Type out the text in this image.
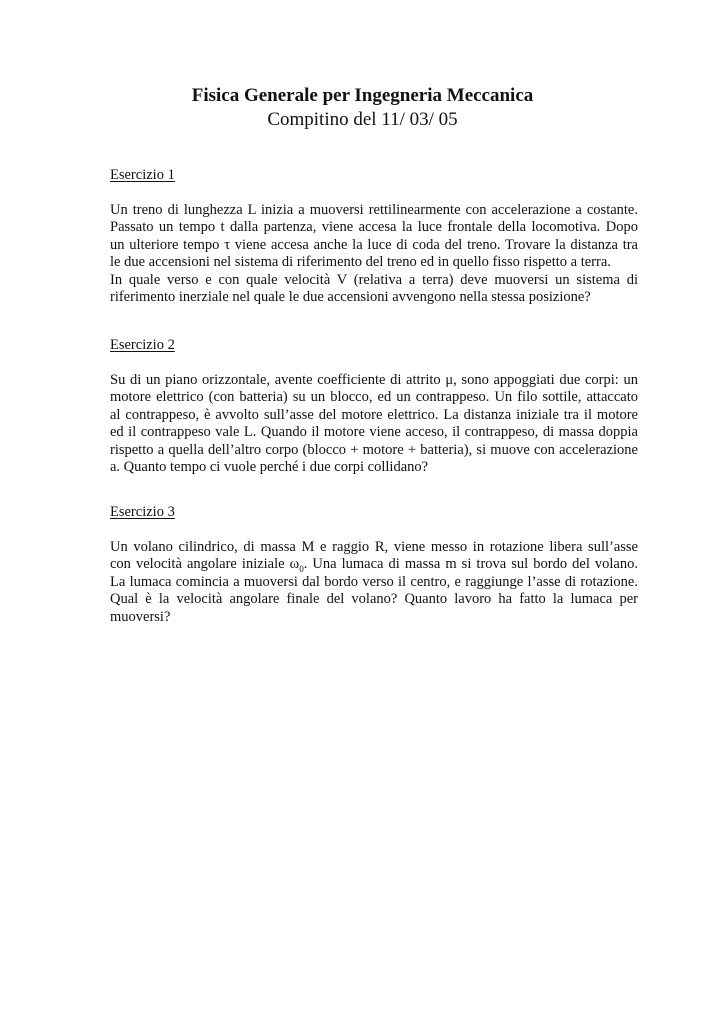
Fisica Generale per Ingegneria Meccanica

Compitino del 11/ 03/ 05

Esercizio 1

Un treno di lunghezza L inizia a muoversi rettilinearmente con accelerazione a costante.
Passato un tempo t dalla partenza, viene accesa la luce frontale della locomotiva. Dopo
un ulteriore tempo τ viene accesa anche la luce di coda del treno. Trovare la distanza tra
le due accensioni nel sistema di riferimento del treno ed in quello fisso rispetto a terra.
In quale verso e con quale velocità V (relativa a terra) deve muoversi un sistema di
riferimento inerziale nel quale le due accensioni avvengono nella stessa posizione?

Esercizio 2

Su di un piano orizzontale, avente coefficiente di attrito μ, sono appoggiati due corpi: un
motore elettrico (con batteria) su un blocco, ed un contrappeso. Un filo sottile, attaccato
al contrappeso, è avvolto sull’asse del motore elettrico. La distanza iniziale tra il motore
ed il contrappeso vale L. Quando il motore viene acceso, il contrappeso, di massa doppia
rispetto a quella dell’altro corpo (blocco + motore + batteria), si muove con accelerazione
a. Quanto tempo ci vuole perché i due corpi collidano?

Esercizio 3

Un volano cilindrico, di massa M e raggio R, viene messo in rotazione libera sull’asse
con velocità angolare iniziale $\omega_0$. Una lumaca di massa m si trova sul bordo del volano.
La lumaca comincia a muoversi dal bordo verso il centro, e raggiunge l’asse di rotazione.
Qual è la velocità angolare finale del volano? Quanto lavoro ha fatto la lumaca per
muoversi?
